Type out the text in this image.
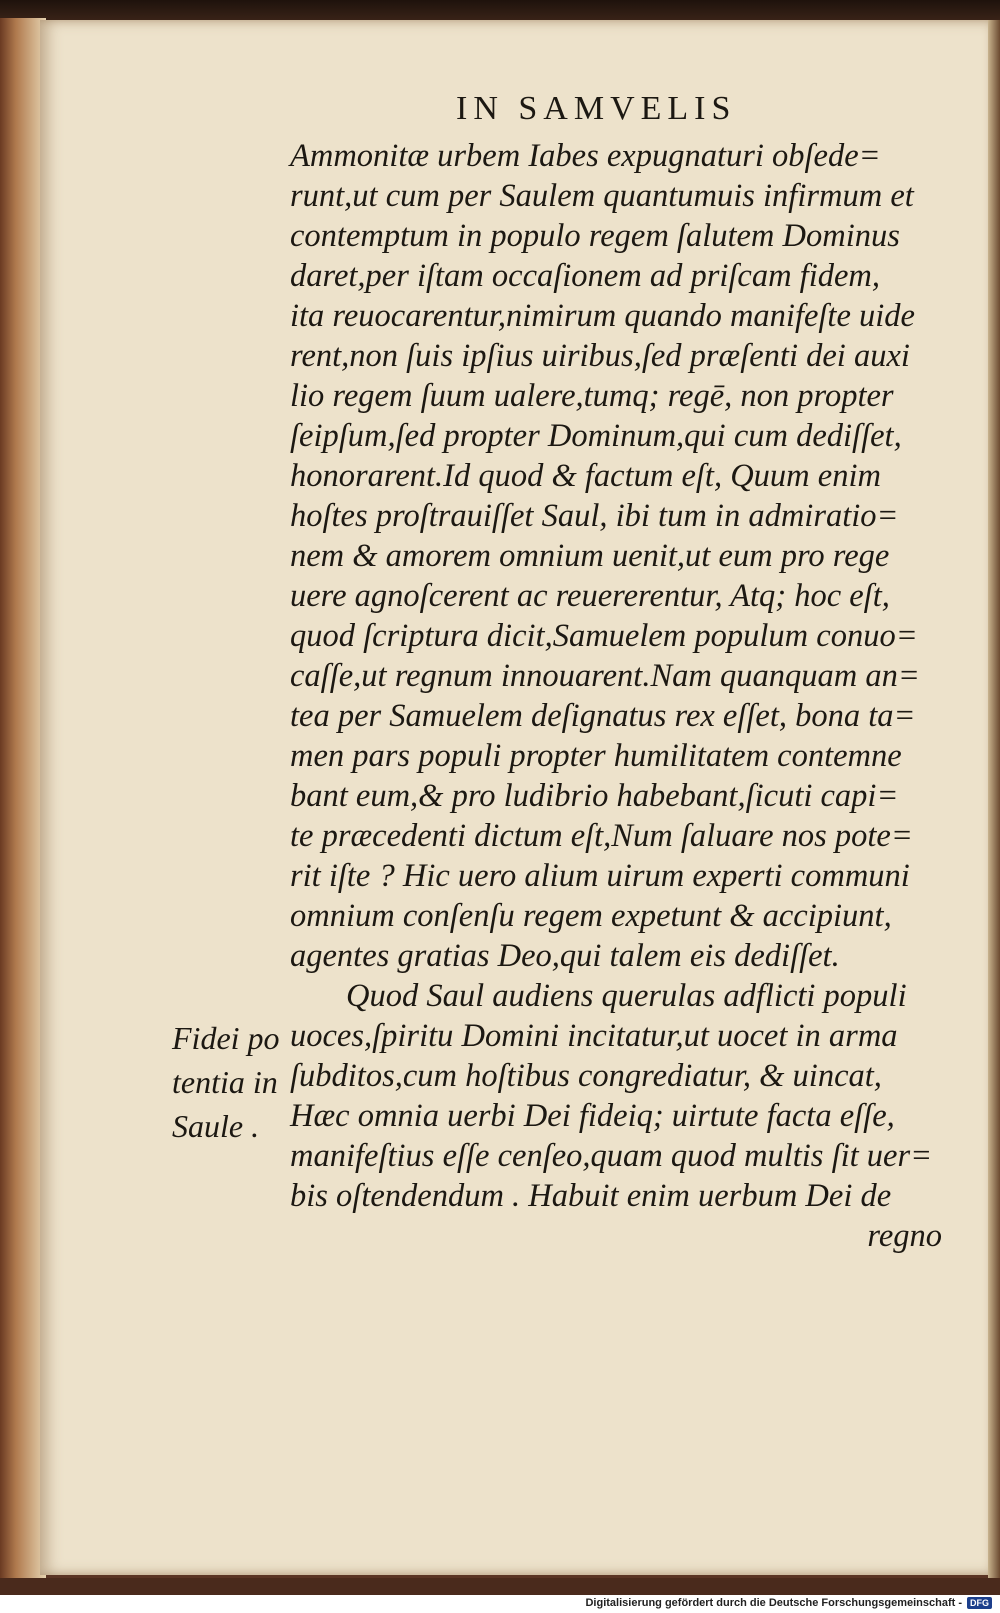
IN SAMVELIS
Ammonitæ urbem Iabes expugnaturi obſede=
runt,ut cum per Saulem quantumuis infirmum et
contemptum in populo regem ſalutem Dominus
daret,per iſtam occaſionem ad priſcam fidem,
ita reuocarentur,nimirum quando manifeſte uide
rent,non ſuis ipſius uiribus,ſed præſenti dei auxi
lio regem ſuum ualere,tumq; regē, non propter
ſeipſum,ſed propter Dominum,qui cum dediſſet,
honorarent.Id quod & factum eſt, Quum enim
hoſtes proſtrauiſſet Saul, ibi tum in admiratio=
nem & amorem omnium uenit,ut eum pro rege
uere agnoſcerent ac reuererentur, Atq; hoc eſt,
quod ſcriptura dicit,Samuelem populum conuo=
caſſe,ut regnum innouarent.Nam quanquam an=
tea per Samuelem deſignatus rex eſſet, bona ta=
men pars populi propter humilitatem contemne
bant eum,& pro ludibrio habebant,ſicuti capi=
te præcedenti dictum eſt,Num ſaluare nos pote=
rit iſte ? Hic uero alium uirum experti communi
omnium conſenſu regem expetunt & accipiunt,
agentes gratias Deo,qui talem eis dediſſet.
Quod Saul audiens querulas adflicti populi
uoces,ſpiritu Domini incitatur,ut uocet in arma
ſubditos,cum hoſtibus congrediatur, & uincat,
Hæc omnia uerbi Dei fideiq; uirtute facta eſſe,
manifeſtius eſſe cenſeo,quam quod multis ſit uer=
bis oſtendendum . Habuit enim uerbum Dei de
regno
Fidei po
tentia in
Saule .
Digitalisierung gefördert durch die Deutsche Forschungsgemeinschaft - DFG
